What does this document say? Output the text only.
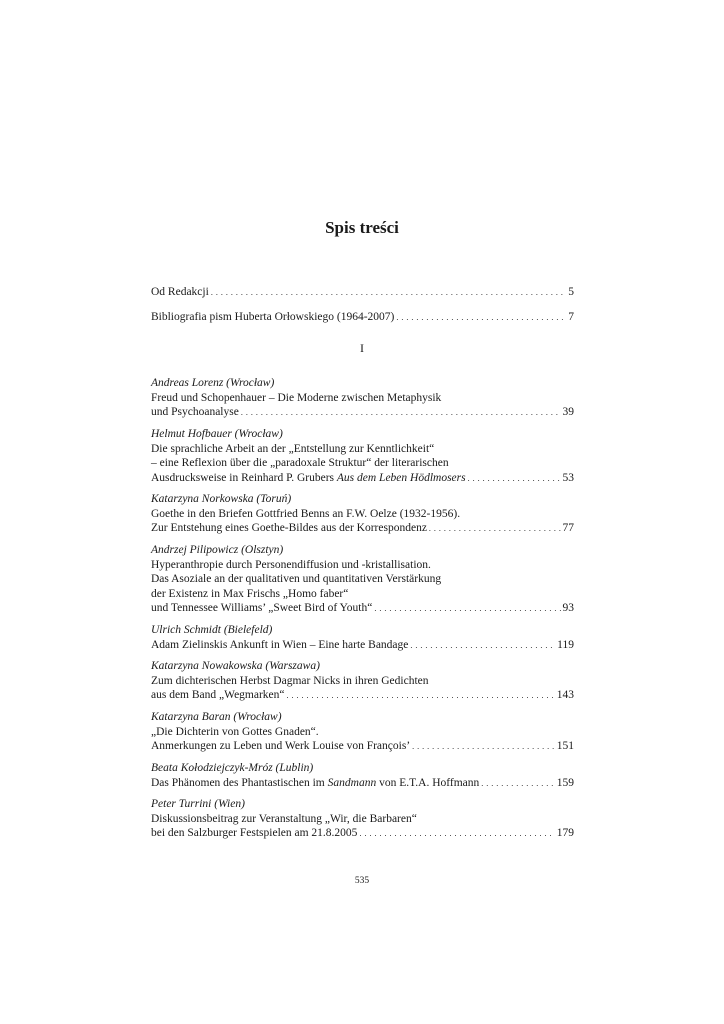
Spis treści
Od Redakcji . . .	5
Bibliografia pism Huberta Orłowskiego (1964-2007) . . .	7
I
Andreas Lorenz (Wrocław)
Freud und Schopenhauer – Die Moderne zwischen Metaphysik
und Psychoanalyse . . .	39
Helmut Hofbauer (Wrocław)
Die sprachliche Arbeit an der „Entstellung zur Kenntlichkeit“
– eine Reflexion über die „paradoxale Struktur“ der literarischen
Ausdrucksweise in Reinhard P. Grubers Aus dem Leben Hödlmosers . . .	53
Katarzyna Norkowska (Toruń)
Goethe in den Briefen Gottfried Benns an F.W. Oelze (1932-1956).
Zur Entstehung eines Goethe-Bildes aus der Korrespondenz . . .	77
Andrzej Pilipowicz (Olsztyn)
Hyperanthropie durch Personendiffusion und -kristallisation.
Das Asoziale an der qualitativen und quantitativen Verstärkung
der Existenz in Max Frischs „Homo faber“
und Tennessee Williams’ „Sweet Bird of Youth“ . . .	93
Ulrich Schmidt (Bielefeld)
Adam Zielinskis Ankunft in Wien – Eine harte Bandage . . .	119
Katarzyna Nowakowska (Warszawa)
Zum dichterischen Herbst Dagmar Nicks in ihren Gedichten
aus dem Band „Wegmarken“ . . .	143
Katarzyna Baran (Wrocław)
„Die Dichterin von Gottes Gnaden“.
Anmerkungen zu Leben und Werk Louise von François’ . . .	151
Beata Kołodziejczyk-Mróz (Lublin)
Das Phänomen des Phantastischen im Sandmann von E.T.A. Hoffmann . . .	159
Peter Turrini (Wien)
Diskussionsbeitrag zur Veranstaltung „Wir, die Barbaren“
bei den Salzburger Festspielen am 21.8.2005 . . .	179
535
